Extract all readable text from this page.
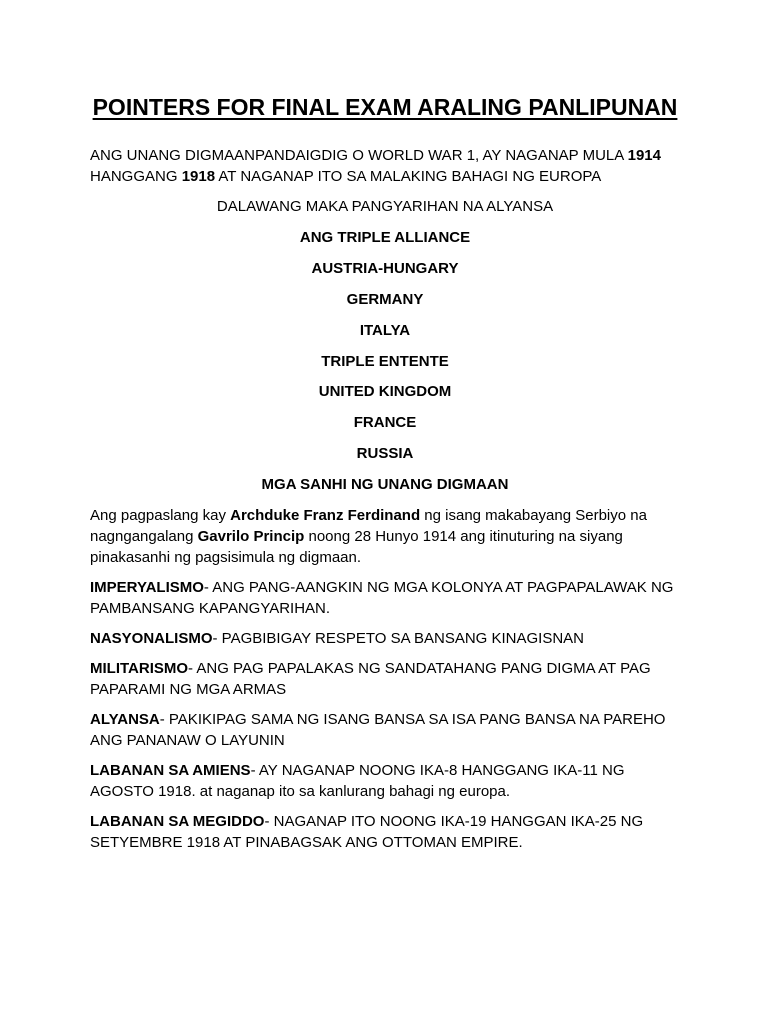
POINTERS FOR FINAL EXAM ARALING PANLIPUNAN

ANG UNANG DIGMAANPANDAIGDIG O WORLD WAR 1, AY NAGANAP MULA 1914 HANGGANG 1918 AT NAGANAP ITO SA MALAKING BAHAGI NG EUROPA

DALAWANG MAKA PANGYARIHAN NA ALYANSA

ANG TRIPLE ALLIANCE
AUSTRIA-HUNGARY
GERMANY
ITALYA
TRIPLE ENTENTE
UNITED KINGDOM
FRANCE
RUSSIA
MGA SANHI NG UNANG DIGMAAN

Ang pagpaslang kay Archduke Franz Ferdinand ng isang makabayang Serbiyo na nagngangalang Gavrilo Princip noong 28 Hunyo 1914 ang itinuturing na siyang pinakasanhi ng pagsisimula ng digmaan.

IMPERYALISMO- ANG PANG-AANGKIN NG MGA KOLONYA AT PAGPAPALAWAK NG PAMBANSANG KAPANGYARIHAN.

NASYONALISMO- PAGBIBIGAY RESPETO SA BANSANG KINAGISNAN

MILITARISMO- ANG PAG PAPALAKAS NG SANDATAHANG PANG DIGMA AT PAG PAPARAMI NG MGA ARMAS

ALYANSA- PAKIKIPAG SAMA NG ISANG BANSA SA ISA PANG BANSA NA PAREHO ANG PANANAW O LAYUNIN

LABANAN SA AMIENS- AY NAGANAP NOONG IKA-8 HANGGANG IKA-11 NG AGOSTO 1918. at naganap ito sa kanlurang bahagi ng europa.

LABANAN SA MEGIDDO- NAGANAP ITO NOONG IKA-19 HANGGAN IKA-25 NG SETYEMBRE 1918 AT PINABAGSAK ANG OTTOMAN EMPIRE.
